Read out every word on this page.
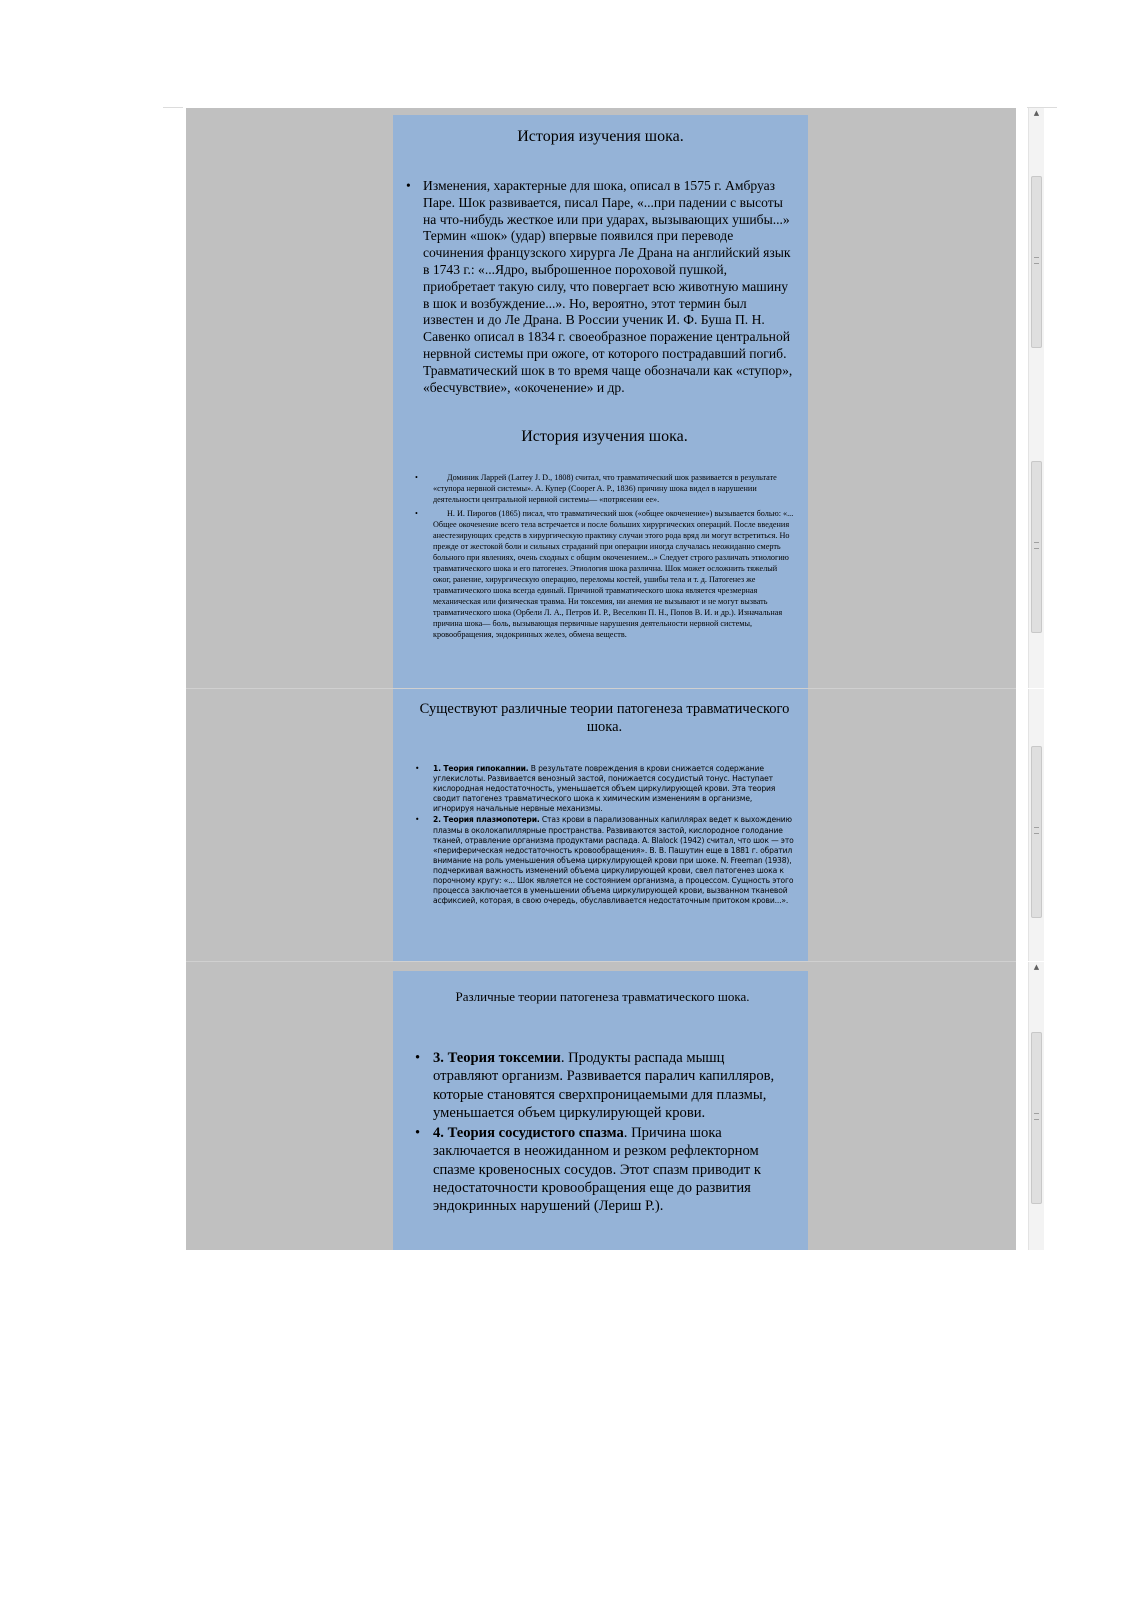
История изучения шока.
• Изменения, характерные для шока, описал в 1575 г. Амбруаз Паре. Шок развивается, писал Паре, «...при падении с высоты на что-нибудь жесткое или при ударах, вызывающих ушибы...» Термин «шок» (удар) впервые появился при переводе сочинения французского хирурга Ле Драна на английский язык в 1743 г.: «...Ядро, выброшенное пороховой пушкой, приобретает такую силу, что повергает всю животную машину в шок и возбуждение...». Но, вероятно, этот термин был известен и до Ле Драна. В России ученик И. Ф. Буша П. Н. Савенко описал в 1834 г. своеобразное поражение центральной нервной системы при ожоге, от которого пострадавший погиб. Травматический шок в то время чаще обозначали как «ступор», «бесчувствие», «окоченение» и др.
История изучения шока.
•	Доминик Ларрей (Larrey J. D., 1808) считал, что травматический шок развивается в результате «ступора нервной системы». А. Купер (Cooper A. P., 1836) причину шока видел в нарушении деятельности центральной нервной системы— «потрясении ее».
•	Н. И. Пирогов (1865) писал, что травматический шок («общее окоченение») вызывается болью: «... Общее окоченение всего тела встречается и после больших хирургических операций. После введения анестезирующих средств в хирургическую практику случаи этого рода вряд ли могут встретиться. Но прежде от жестокой боли и сильных страданий при операции иногда случалась неожиданно смерть больного при явлениях, очень сходных с общим окоченением...» Следует строго различать этиологию травматического шока и его патогенез. Этиология шока различна. Шок может осложнить тяжелый ожог, ранение, хирургическую операцию, переломы костей, ушибы тела и т. д. Патогенез же травматического шока всегда единый. Причиной травматического шока является чрезмерная механическая или физическая травма. Ни токсемия, ни анемия не вызывают и не могут вызвать травматического шока (Орбели Л. А., Петров И. Р., Веселкин П. Н., Попов В. И. и др.). Изначальная причина шока— боль, вызывающая первичные нарушения деятельности нервной системы, кровообращения, эндокринных желез, обмена веществ.
Существуют различные теории патогенеза травматического шока.
• 1. Теория гипокапнии. В результате повреждения в крови снижается содержание углекислоты. Развивается венозный застой, понижается сосудистый тонус. Наступает кислородная недостаточность, уменьшается объем циркулирующей крови. Эта теория сводит патогенез травматического шока к химическим изменениям в организме, игнорируя начальные нервные механизмы.
• 2. Теория плазмопотери. Стаз крови в парализованных капиллярах ведет к выхождению плазмы в околокапиллярные пространства. Развиваются застой, кислородное голодание тканей, отравление организма продуктами распада. A. Blalock (1942) считал, что шок — это «периферическая недостаточность кровообращения». В. В. Пашутин еще в 1881 г. обратил внимание на роль уменьшения объема циркулирующей крови при шоке. N. Freeman (1938), подчеркивая важность изменений объема циркулирующей крови, свел патогенез шока к порочному кругу: «... Шок является не состоянием организма, а процессом. Сущность этого процесса заключается в уменьшении объема циркулирующей крови, вызванном тканевой асфиксией, которая, в свою очередь, обуславливается недостаточным притоком крови...».
Различные теории патогенеза травматического шока.
• 3. Теория токсемии. Продукты распада мышц отравляют организм. Развивается паралич капилляров, которые становятся сверхпроницаемыми для плазмы, уменьшается объем циркулирующей крови.
• 4. Теория сосудистого спазма. Причина шока заключается в неожиданном и резком рефлекторном спазме кровеносных сосудов. Этот спазм приводит к недостаточности кровообращения еще до развития эндокринных нарушений (Лериш Р.).
▲
▲
